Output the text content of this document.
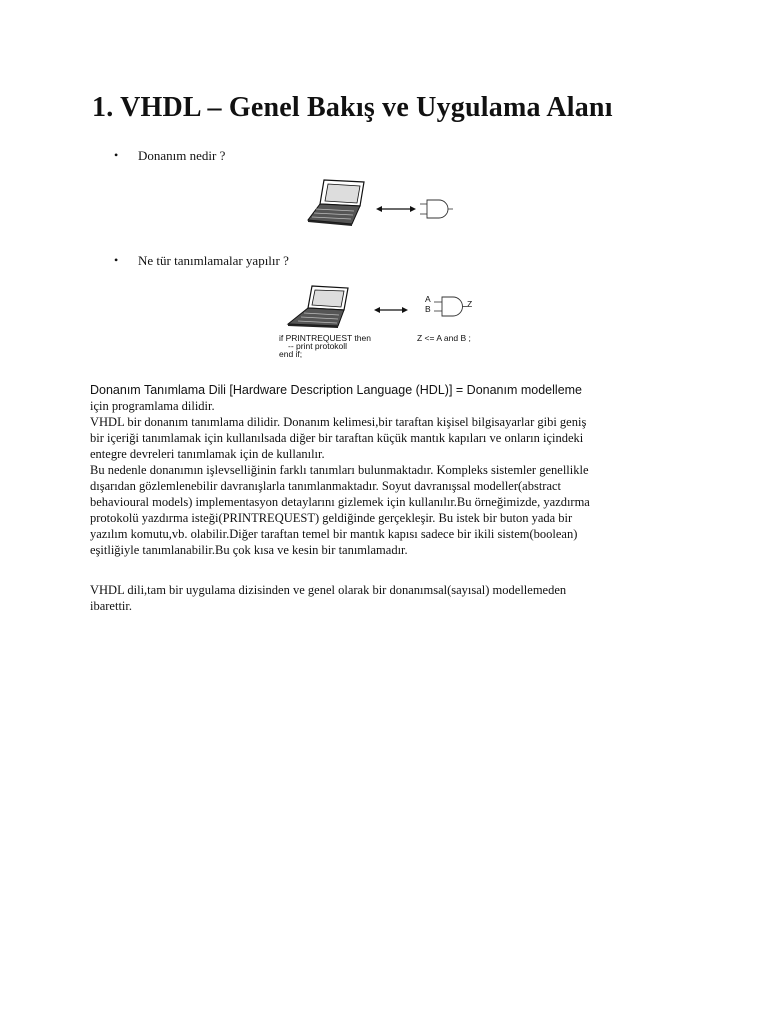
1. VHDL – Genel Bakış ve Uygulama Alanı
• Donanım nedir ?
• Ne tür tanımlamalar yapılır ?
A
B	Z
if PRINTREQUEST then
-- print protokoll
end if;
Z <= A and B ;

Donanım Tanımlama Dili [Hardware Description Language (HDL)] = Donanım modelleme

için programlama dilidir.

VHDL bir donanım tanımlama dilidir. Donanım kelimesi,bir taraftan kişisel bilgisayarlar gibi geniş

bir içeriği tanımlamak için kullanılsada diğer bir taraftan küçük mantık kapıları ve onların içindeki

entegre devreleri tanımlamak için de kullanılır.

Bu nedenle donanımın işlevselliğinin farklı tanımları bulunmaktadır. Kompleks sistemler genellikle

dışarıdan gözlemlenebilir davranışlarla tanımlanmaktadır. Soyut davranışsal modeller(abstract

behavioural models) implementasyon detaylarını gizlemek için kullanılır.Bu örneğimizde, yazdırma

protokolü yazdırma isteği(PRINTREQUEST) geldiğinde gerçekleşir. Bu istek bir buton yada bir

yazılım komutu,vb. olabilir.Diğer taraftan temel bir mantık kapısı sadece bir ikili sistem(boolean)

eşitliğiyle tanımlanabilir.Bu çok kısa ve kesin bir tanımlamadır.

VHDL dili,tam bir uygulama dizisinden ve genel olarak bir donanımsal(sayısal) modellemeden

ibarettir.
